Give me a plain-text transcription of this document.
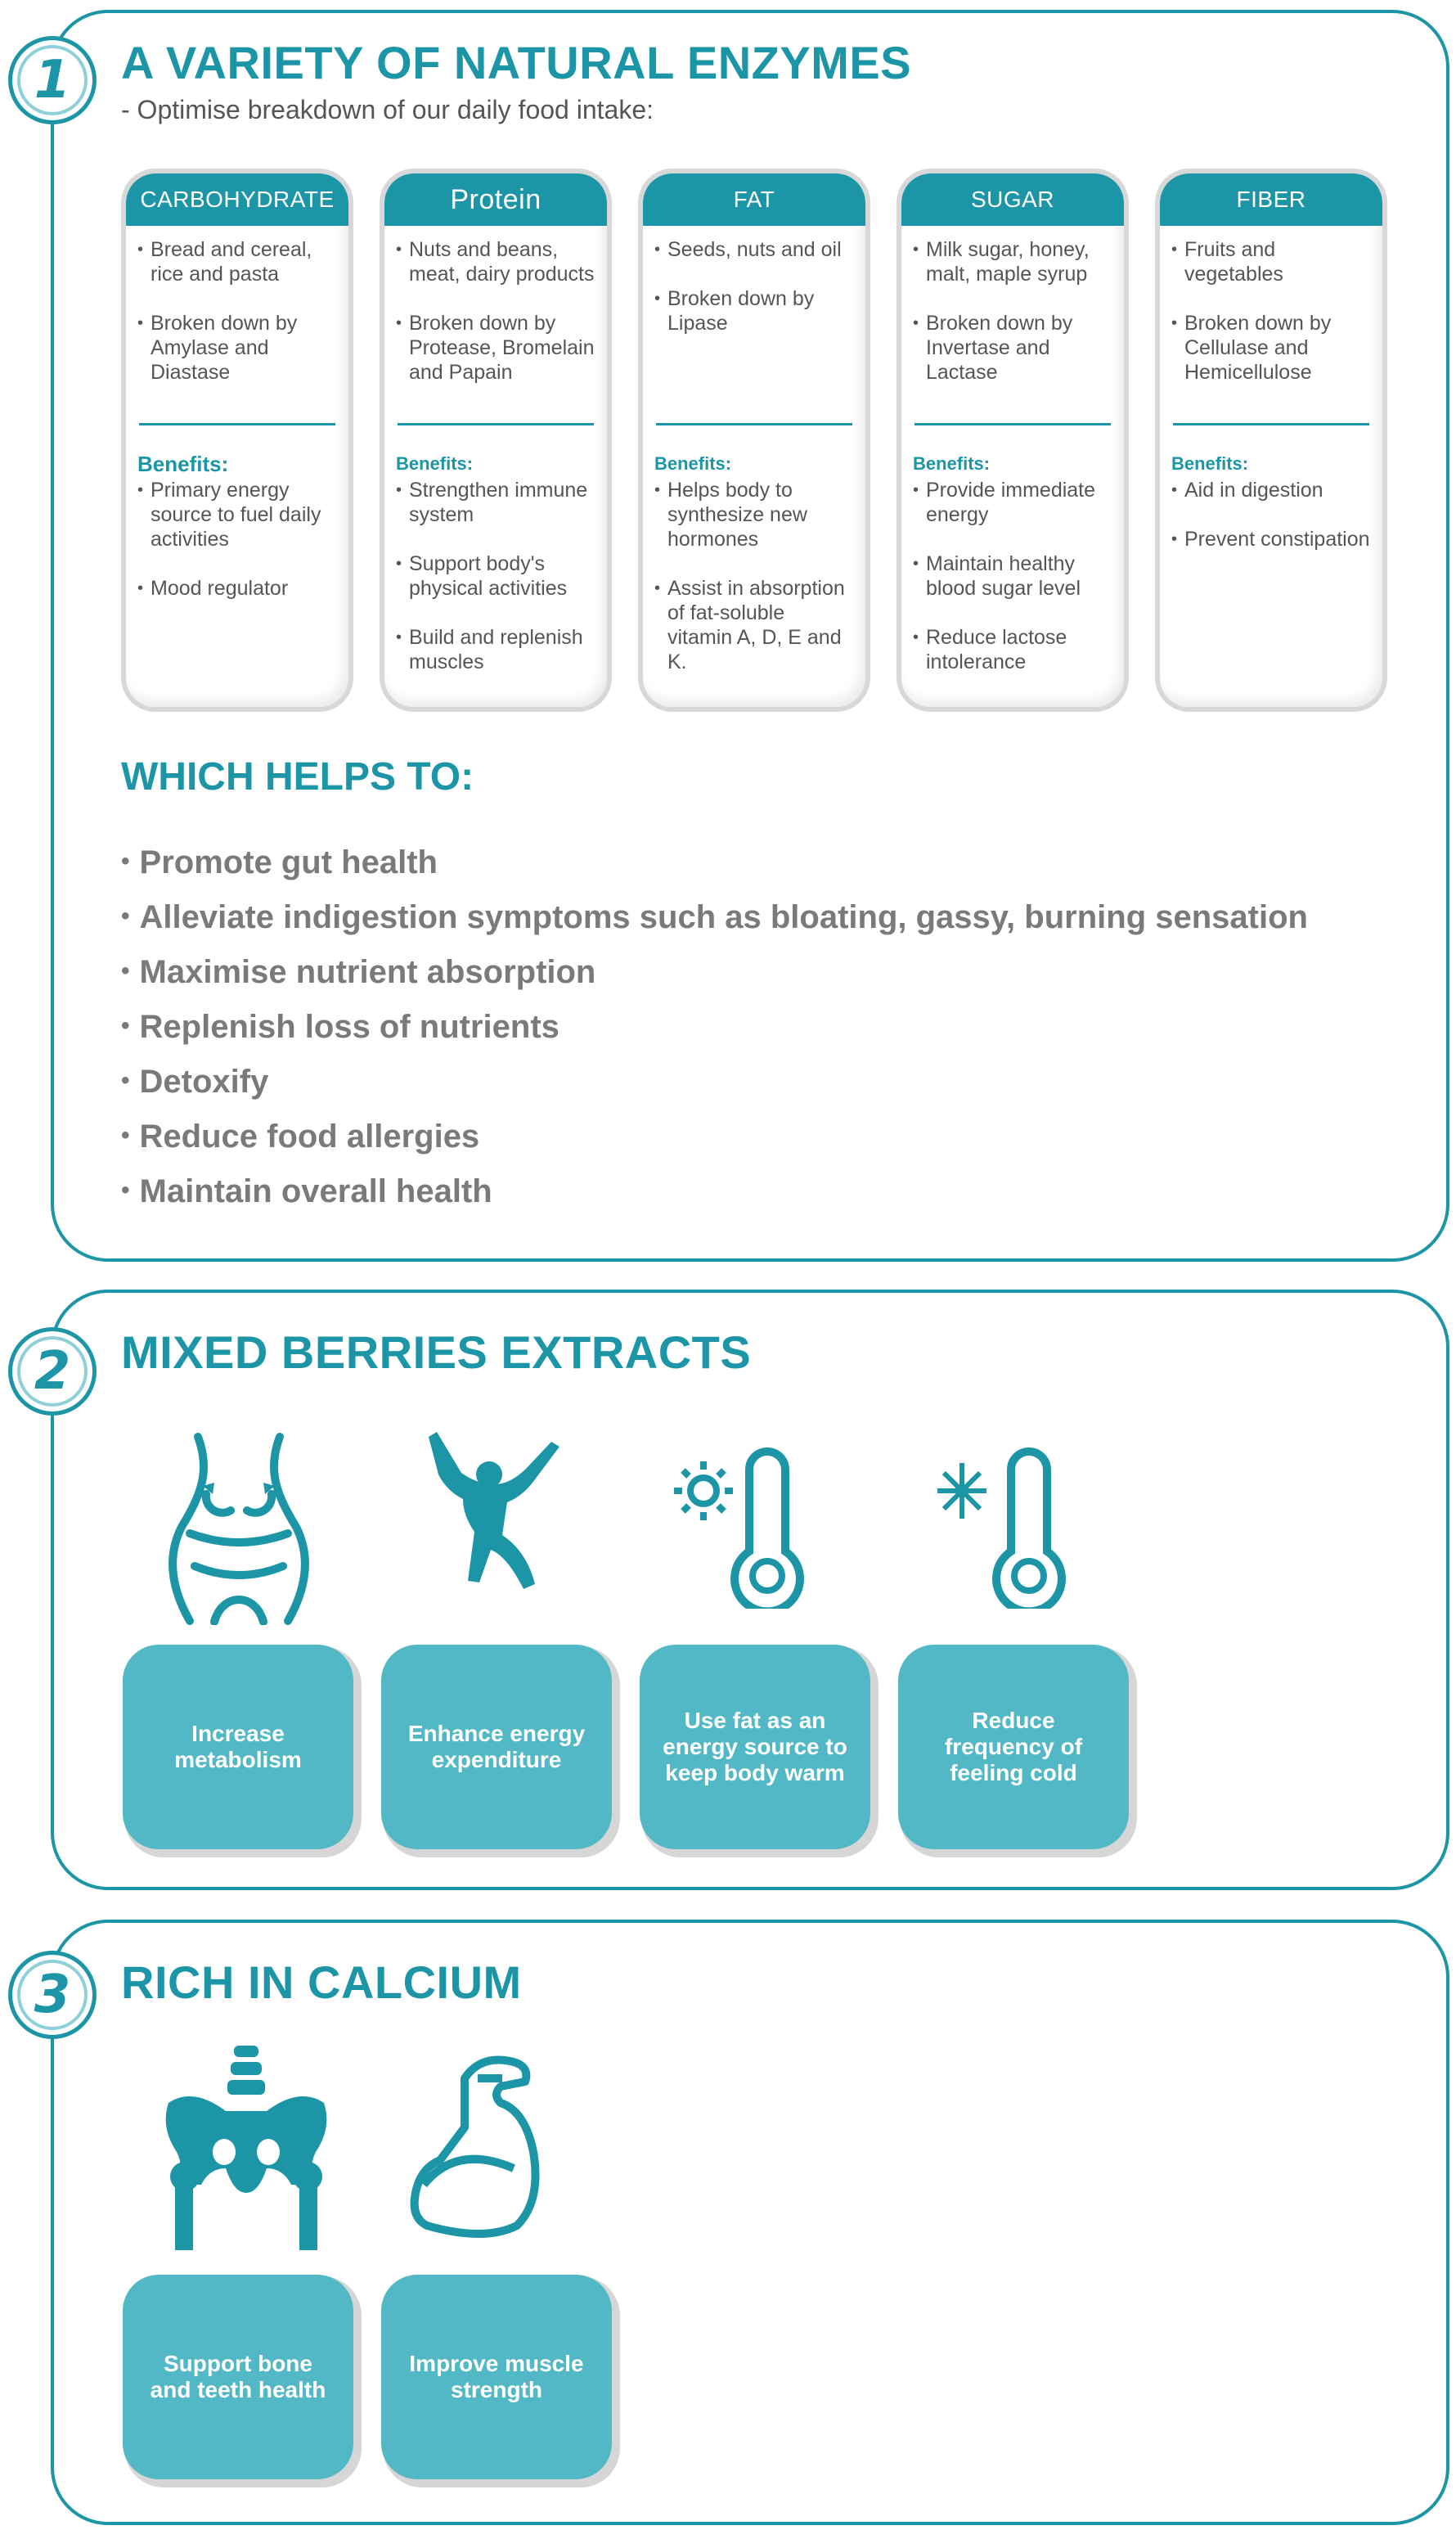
A VARIETY OF NATURAL ENZYMES
- Optimise breakdown of our daily food intake:
CARBOHYDRATE
• Bread and cereal, rice and pasta
• Broken down by Amylase and Diastase
Benefits:
• Primary energy source to fuel daily activities
• Mood regulator
Protein
• Nuts and beans, meat, dairy products
• Broken down by Protease, Bromelain and Papain
Benefits:
• Strengthen immune system
• Support body's physical activities
• Build and replenish muscles
FAT
• Seeds, nuts and oil
• Broken down by Lipase
Benefits:
• Helps body to synthesize new hormones
• Assist in absorption of fat-soluble vitamin A, D, E and K.
SUGAR
• Milk sugar, honey, malt, maple syrup
• Broken down by Invertase and Lactase
Benefits:
• Provide immediate energy
• Maintain healthy blood sugar level
• Reduce lactose intolerance
FIBER
• Fruits and vegetables
• Broken down by Cellulase and Hemicellulose
Benefits:
• Aid in digestion
• Prevent constipation
WHICH HELPS TO:
• Promote gut health
• Alleviate indigestion symptoms such as bloating, gassy, burning sensation
• Maximise nutrient absorption
• Replenish loss of nutrients
• Detoxify
• Reduce food allergies
• Maintain overall health
1
MIXED BERRIES EXTRACTS
Increase metabolism
Enhance energy expenditure
Use fat as an energy source to keep body warm
Reduce frequency of feeling cold
2
RICH IN CALCIUM
Support bone and teeth health
Improve muscle strength
3
